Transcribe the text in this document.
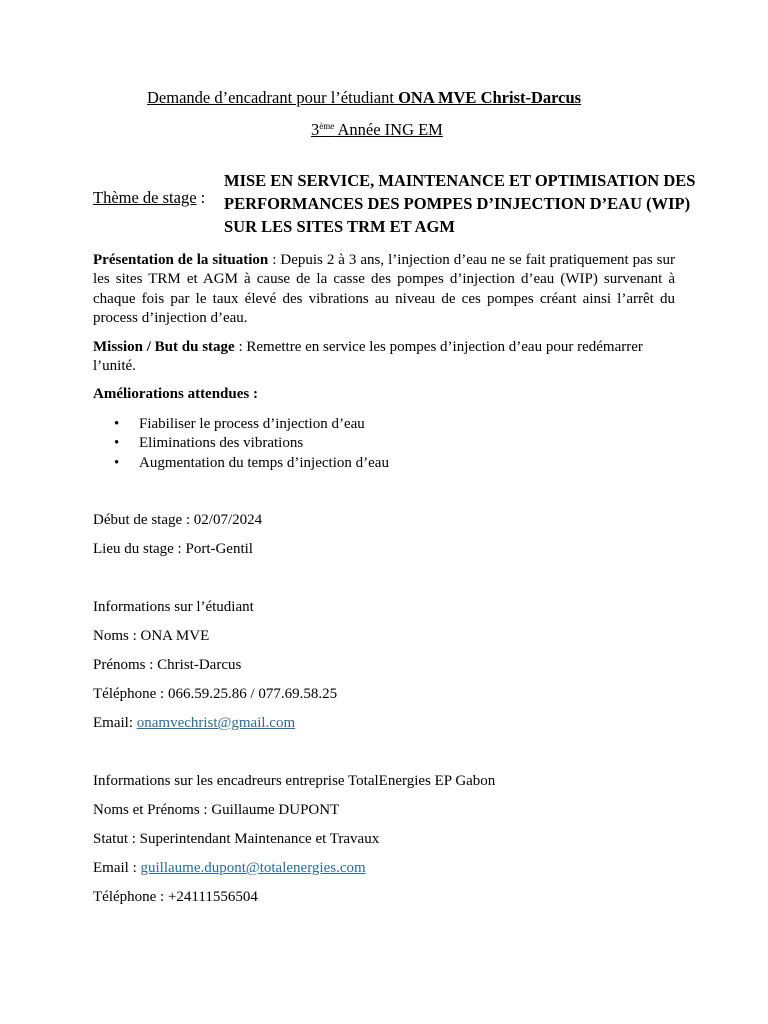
Demande d’encadrant pour l’étudiant ONA MVE Christ-Darcus

3ème Année ING EM

Thème de stage :

MISE EN SERVICE, MAINTENANCE ET OPTIMISATION DES
PERFORMANCES DES POMPES D’INJECTION D’EAU (WIP)
SUR LES SITES TRM ET AGM

Présentation de la situation : Depuis 2 à 3 ans, l’injection d’eau ne se fait pratiquement pas sur les sites TRM et AGM à cause de la casse des pompes d’injection d’eau (WIP) survenant à chaque fois par le taux élevé des vibrations au niveau de ces pompes créant ainsi l’arrêt du process d’injection d’eau.

Mission / But du stage : Remettre en service les pompes d’injection d’eau pour redémarrer l’unité.

Améliorations attendues :

• Fiabiliser le process d’injection d’eau
• Eliminations des vibrations
• Augmentation du temps d’injection d’eau

Début de stage : 02/07/2024

Lieu du stage : Port-Gentil

Informations sur l’étudiant

Noms : ONA MVE

Prénoms : Christ-Darcus

Téléphone : 066.59.25.86 / 077.69.58.25

Email: onamvechrist@gmail.com

Informations sur les encadreurs entreprise TotalEnergies EP Gabon

Noms et Prénoms : Guillaume DUPONT

Statut : Superintendant Maintenance et Travaux

Email : guillaume.dupont@totalenergies.com

Téléphone : +24111556504
